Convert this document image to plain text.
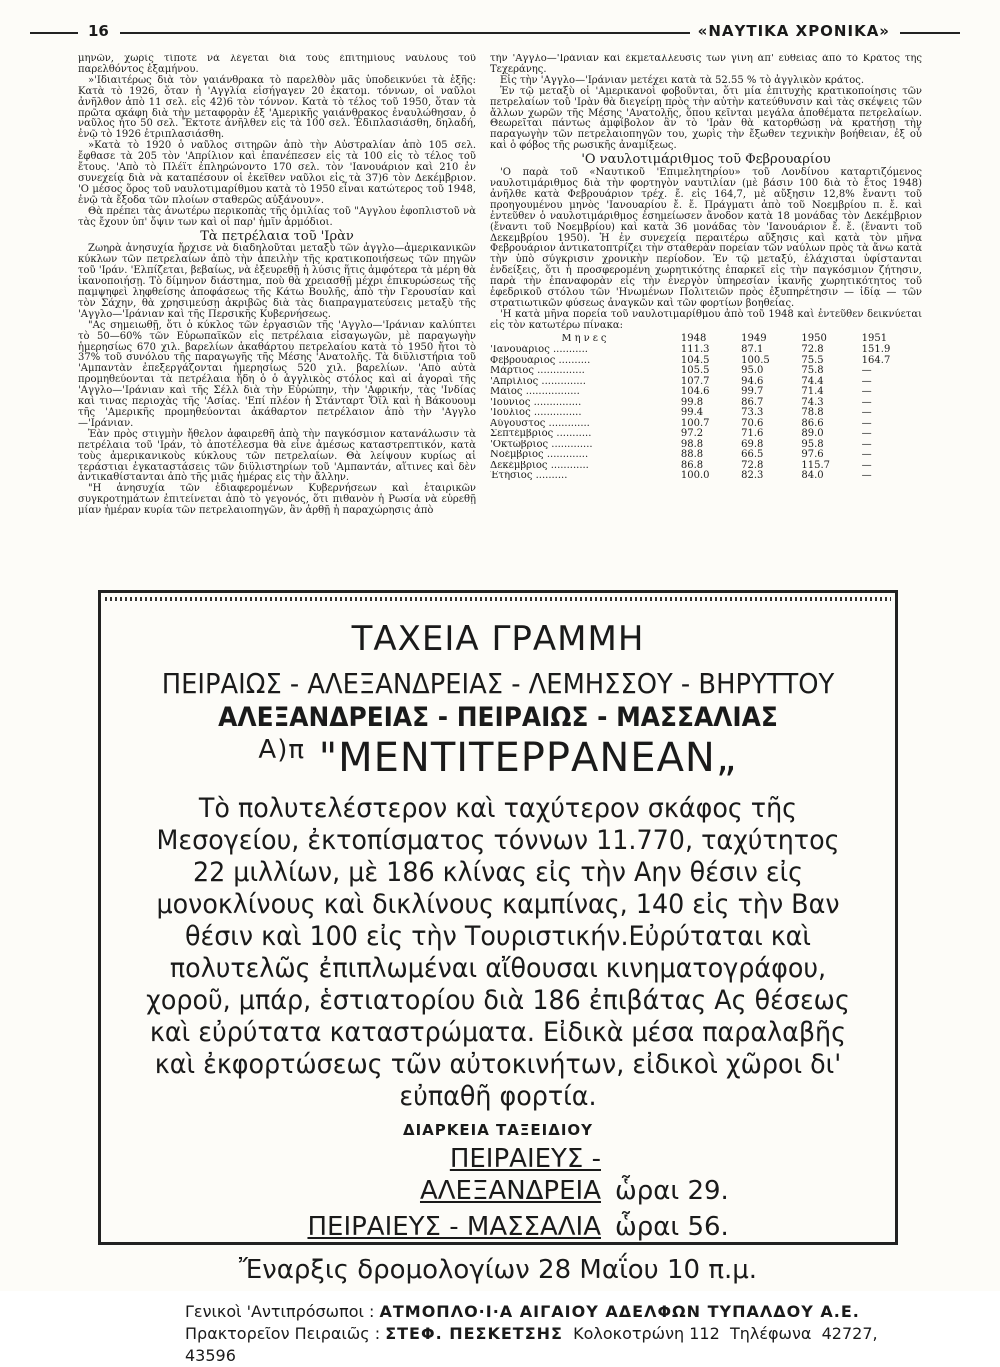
16	«ΝΑΥΤΙΚΑ ΧΡΟΝΙΚΑ»

μηνῶν, χωρὶς τίποτε νὰ λέγεται διὰ τοὺς ἐπιτημίους ναύλους τοῦ παρελθόντος ἑξαμήνου.

»'Ιδιαιτέρως διὰ τὸν γαιάνθρακα τὸ παρελθὸν μᾶς ὑποδεικνύει τὰ ἑξῆς: Κατὰ τὸ 1926, ὅταν ἡ 'Αγγλία εἰσήγαγεν 20 ἑκατομ. τόννων, οἱ ναῦλοι ἀνῆλθον ἀπὸ 11 σελ. εἰς 42)6 τὸν τόννον. Κατὰ τὸ τέλος τοῦ 1950, ὅταν τὰ πρῶτα σκάφη διὰ τὴν μεταφορὰν ἐξ 'Αμερικῆς γαιάνθρακος ἐναυλώθησαν, ὁ ναῦλος ἦτο 50 σελ. Ἔκτοτε ἀνῆλθεν εἰς τὰ 100 σελ. Ἐδιπλασιάσθη, δηλαδή, ἐνῷ τὸ 1926 ἐτριπλασιάσθη.

»Κατὰ τὸ 1920 ὁ ναῦλος σιτηρῶν ἀπὸ τὴν Αὐστραλίαν ἀπὸ 105 σελ. ἔφθασε τὰ 205 τὸν 'Απρίλιον καὶ ἐπανέπεσεν εἰς τὰ 100 εἰς τὸ τέλος τοῦ ἔτους. 'Απὸ τὸ Πλέϊτ ἐπληρώνοντο 170 σελ. τὸν 'Ιανουάριον καὶ 210 ἐν συνεχείᾳ διὰ νὰ καταπέσουν οἱ ἐκεῖθεν ναῦλοι εἰς τὰ 37)6 τὸν Δεκέμβριον. 'Ο μέσος ὅρος τοῦ ναυλοτιμαρίθμου κατὰ τὸ 1950 εἶναι κατώτερος τοῦ 1948, ἐνῷ τὰ ἔξοδα τῶν πλοίων σταθερῶς αὐξάνουν».

Θὰ πρέπει τὰς ἀνωτέρω περικοπὰς τῆς ὁμιλίας τοῦ "Αγγλου ἐφοπλιστοῦ νὰ τὰς ἔχουν ὑπ' ὄψιν των καὶ οἱ παρ' ἡμῖν ἁρμόδιοι.

Τὰ πετρέλαια τοῦ 'Ιρὰν

Ζωηρὰ ἀνησυχία ἤρχισε νὰ διαδηλοῦται μεταξὺ τῶν ἀγγλο—ἀμερικανικῶν κύκλων τῶν πετρελαίων ἀπὸ τὴν ἀπειλὴν τῆς κρατικοποιήσεως τῶν πηγῶν τοῦ 'Ιράν. 'Ελπίζεται, βεβαίως, νὰ ἐξευρεθῇ ἡ λύσις ἥτις ἀμφότερα τὰ μέρη θὰ ἱκανοποιήσῃ. Τὸ δίμηνον διάστημα, ποὺ θὰ χρειασθῇ μέχρι ἐπικυρώσεως τῆς παμψηφεὶ ληφθείσης ἀποφάσεως τῆς Κάτω Βουλῆς, ἀπὸ τὴν Γερουσίαν καὶ τὸν Σάχην, θὰ χρησιμεύσῃ ἀκριβῶς διὰ τὰς διαπραγματεύσεις μεταξὺ τῆς 'Αγγλο—'Ιράνιαν καὶ τῆς Περσικῆς Κυβερνήσεως.

"Ας σημειωθῇ, ὅτι ὁ κύκλος τῶν ἐργασιῶν τῆς 'Αγγλο—'Ιράνιαν καλύπτει τὸ 50—60% τῶν Εὐρωπαϊκῶν εἰς πετρέλαια εἰσαγωγῶν, μὲ παραγωγὴν ἡμερησίως 670 χιλ. βαρελίων ἀκαθάρτου πετρελαίου κατὰ τὸ 1950 ἤτοι τὸ 37% τοῦ συνόλου τῆς παραγωγῆς τῆς Μέσης 'Ανατολῆς. Τὰ διϋλιστήρια τοῦ 'Αμπαντὰν ἐπεξεργάζονται ἡμερησίως 520 χιλ. βαρελίων. 'Απὸ αὐτὰ προμηθεύονται τὰ πετρέλαια ἤδη ὁ ὁ ἀγγλικὸς στόλος καὶ αἱ ἀγοραὶ τῆς 'Αγγλο—'Ιράνιαν καὶ τῆς Σέλλ διὰ τὴν Εὐρώπην, τὴν 'Αφρικήν, τὰς 'Ινδίας καὶ τινας περιοχὰς τῆς 'Ασίας. 'Επί πλέον ἡ Στάνταρτ Ὄϊλ καὶ ἡ Βάκουουμ τῆς 'Αμερικῆς προμηθεύονται ἀκάθαρτον πετρέλαιον ἀπὸ τὴν 'Αγγλο—'Ιράνιαν.

Ἐὰν πρὸς στιγμὴν ἤθελον ἀφαιρεθῆ ἀπὸ τὴν παγκόσμιον κατανάλωσιν τὰ πετρέλαια τοῦ 'Ιράν, τὸ ἀποτέλεσμα θὰ εἶνε ἀμέσως καταστρεπτικόν, κατὰ τοὺς ἀμερικανικοὺς κύκλους τῶν πετρελαίων. Θὰ λείψουν κυρίως αἱ τεράστιαι ἐγκαταστάσεις τῶν διϋλιστηρίων τοῦ 'Αμπαντάν, αἵτινες καὶ δὲν ἀντικαθίστανται ἀπὸ τῆς μιᾶς ἡμέρας εἰς τὴν ἄλλην.

"Η ἀνησυχία τῶν ἐδιαφερομένων Κυβερνήσεων καὶ ἑταιρικῶν συγκροτημάτων ἐπιτείνεται ἀπὸ τὸ γεγονός, ὅτι πιθανὸν ἡ Ρωσία νὰ εὑρεθῇ μίαν ἡμέραν κυρία τῶν πετρελαιοπηγῶν, ἂν ἀρθῇ ἡ παραχώρησις ἀπὸ

τὴν 'Αγγλο—'Ιράνιαν καὶ ἐκμεταλλευσίς των γίνη ἀπ' εὐθείας ἀπὸ τὸ Κράτος τῆς Τεχεράνης.

Εἰς τὴν 'Αγγλο—'Ιράνιαν μετέχει κατὰ τὰ 52.55 % τὸ ἀγγλικὸν κράτος.

Ἐν τῷ μεταξὺ οἱ 'Αμερικανοὶ φοβοῦνται, ὅτι μία ἐπιτυχὴς κρατικοποίησις τῶν πετρελαίων τοῦ 'Ιρὰν θὰ διεγείρῃ πρὸς τὴν αὐτὴν κατεύθυνσιν καὶ τὰς σκέψεις τῶν ἄλλων χωρῶν τῆς Μέσης 'Ανατολῆς, ὅπου κεῖνται μεγάλα ἀποθέματα πετρελαίων. Θεωρεῖται πάντως ἀμφίβολον ἂν τὸ 'Ιρὰν θὰ κατορθώσῃ νὰ κρατήσῃ τὴν παραγωγὴν τῶν πετρελαιοπηγῶν του, χωρὶς τὴν ἔξωθεν τεχνικὴν βοήθειαν, ἐξ οὗ καὶ ὁ φόβος τῆς ρωσικῆς ἀναμίξεως.

'Ο ναυλοτιμάριθμος τοῦ Φεβρουαρίου

'Ο παρὰ τοῦ «Ναυτικοῦ 'Επιμελητηρίου» τοῦ Λονδίνου καταρτιζόμενος ναυλοτιμάριθμος διὰ τὴν φορτηγὸν ναυτιλίαν (μὲ βάσιν 100 διὰ τὸ ἔτος 1948) ἀνῆλθε κατὰ Φεβρουάριον τρέχ. ἔ. εἰς 164,7, μὲ αὔξησιν 12,8% ἔναντι τοῦ προηγουμένου μηνὸς 'Ιανουαρίου ἔ. ἔ. Πράγματι ἀπὸ τοῦ Νοεμβρίου π. ἔ. καὶ ἐντεῦθεν ὁ ναυλοτιμάριθμος ἐσημείωσεν ἄνοδον κατὰ 18 μονάδας τὸν Δεκέμβριον (ἔναντι τοῦ Νοεμβρίου) καὶ κατὰ 36 μονάδας τὸν 'Ιανουάριον ἔ. ἔ. (ἔναντι τοῦ Δεκεμβρίου 1950). Ἡ ἐν συνεχείᾳ περαιτέρω αὔξησις καὶ κατὰ τὸν μῆνα Φεβρουάριον ἀντικατοπτρίζει τὴν σταθερὰν πορείαν τῶν ναύλων πρὸς τὰ ἄνω κατὰ τὴν ὑπὸ σύγκρισιν χρονικὴν περίοδον. Ἐν τῷ μεταξύ, ἐλάχισται ὑφίστανται ἐνδείξεις, ὅτι ἡ προσφερομένη χωρητικότης ἐπαρκεῖ εἰς τὴν παγκόσμιον ζήτησιν, παρὰ τὴν ἐπαναφορὰν εἰς τὴν ἐνεργὸν ὑπηρεσίαν ἱκανῆς χωρητικότητος τοῦ ἐφεδρικοῦ στόλου τῶν 'Ηνωμένων Πολιτειῶν πρὸς ἐξυπηρέτησιν — ἰδίᾳ — τῶν στρατιωτικῶν φύσεως ἀναγκῶν καὶ τῶν φορτίων βοηθείας.

'Η κατὰ μῆνα πορεία τοῦ ναυλοτιμαρίθμου ἀπὸ τοῦ 1948 καὶ ἐντεῦθεν δεικνύεται εἰς τὸν κατωτέρω πίνακα:

Μῆνες	1948	1949	1950	1951
'Ιανουάριος ...........	111.3	87.1	72.8	151.9
Φεβρουάριος ..........	104.5	100.5	75.5	164.7
Μάρτιος ...............	105.5	95.0	75.8	—
'Απρίλιος ..............	107.7	94.6	74.4	—
Μάϊος .................	104.6	99.7	71.4	—
'Ιούνιος ...............	99.8	86.7	74.3	—
'Ιούλιος ...............	99.4	73.3	78.8	—
Αὔγουστος .............	100.7	70.6	86.6	—
Σεπτέμβριος ...........	97.2	71.6	89.0	—
'Οκτώβριος .............	98.8	69.8	95.8	—
Νοέμβριος .............	88.8	66.5	97.6	—
Δεκέμβριος ............	86.8	72.8	115.7	—
Ἐτήσιος ..........	100.0	82.3	84.0	—
ΤΑΧΕΙΑ ΓΡΑΜΜΗ
ΠΕΙΡΑΙΩΣ - ΑΛΕΞΑΝΔΡΕΙΑΣ - ΛΕΜΗΣΣΟΥ - ΒΗΡΥΤΤΟΥ
ΑΛΕΞΑΝΔΡΕΙΑΣ - ΠΕΙΡΑΙΩΣ - ΜΑΣΣΑΛΙΑΣ
$^{A)\pi}$ "ΜΕΝΤΙΤΕΡΡΑΝΕΑΝ„
Τὸ πολυτελέστερον καὶ ταχύτερον σκάφος τῆς Μεσογείου, ἐκτοπίσματος τόννων 11.770, ταχύτητος 22 μιλλίων, μὲ 186 κλίνας εἰς τὴν Αην θέσιν εἰς μονοκλίνους καὶ δικλίνους καμπίνας, 140 εἰς τὴν Βαν θέσιν καὶ 100 εἰς τὴν Τουριστικήν.Εὐρύταται καὶ πολυτελῶς ἐπιπλωμέναι αἴθουσαι κινηματογράφου, χοροῦ, μπάρ, ἑστιατορίου διὰ 186 ἐπιβάτας Ας θέσεως καὶ εὐρύτατα καταστρώματα. Εἰδικὰ μέσα παραλαβῆς καὶ ἐκφορτώσεως τῶν αὐτοκινήτων, εἰδικοὶ χῶροι δι' εὐπαθῆ φορτία.
ΔΙΑΡΚΕΙΑ ΤΑΞΕΙΔΙΟΥ
ΠΕΙΡΑΙΕΥΣ - ΑΛΕΞΑΝΔΡΕΙΑ ὧραι 29.
ΠΕΙΡΑΙΕΥΣ - ΜΑΣΣΑΛΙΑ ὧραι 56.
Ἔναρξις δρομολογίων 28 Μαΐου 10 π.μ.
Γενικοὶ 'Αντιπρόσωποι : ΑΤΜΟΠΛΟ·Ι·Α ΑΙΓΑΙΟΥ ΑΔΕΛΦΩΝ ΤΥΠΑΛΔΟΥ Α.Ε.
Πρακτορεῖον Πειραιῶς : ΣΤΕΦ. ΠΕΣΚΕΤΣΗΣ Κολοκοτρώνη 112 Τηλέφωνα 42727, 43596
